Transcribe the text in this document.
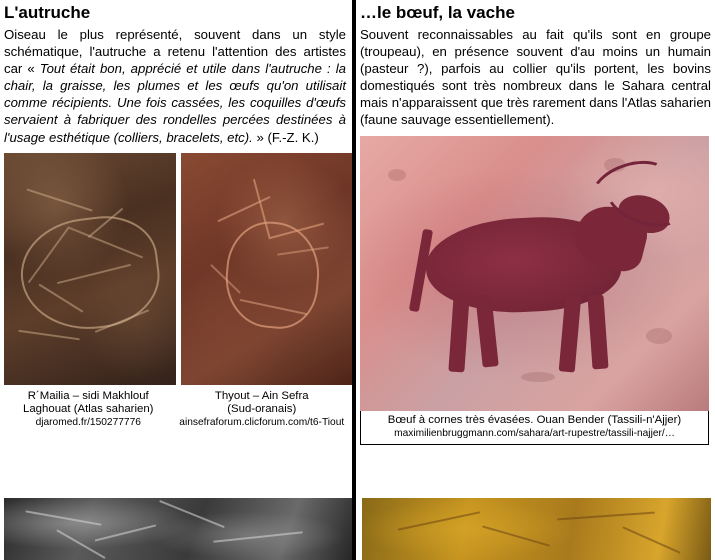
L'autruche

Oiseau le plus représenté, souvent dans un style schématique, l'autruche a retenu l'attention des artistes car « Tout était bon, apprécié et utile dans l'autruche : la chair, la graisse, les plumes et les œufs qu'on utilisait comme récipients. Une fois cassées, les coquilles d'œufs servaient à fabriquer des rondelles percées destinées à l'usage esthétique (colliers, bracelets, etc). » (F.-Z. K.)

R´Mailia – sidi Makhlouf
Laghouat (Atlas saharien)
djaromed.fr/150277776
Thyout – Ain Sefra
(Sud-oranais)
ainsefraforum.clicforum.com/t6-Tiout
…le bœuf, la vache

Souvent reconnaissables au fait qu'ils sont en groupe (troupeau), en présence souvent d'au moins un humain (pasteur ?), parfois au collier qu'ils portent, les bovins domestiqués sont très nombreux dans le Sahara central mais n'apparaissent que très rarement dans l'Atlas saharien (faune sauvage essentiellement).

Bœuf à cornes très évasées. Ouan Bender (Tassili-n'Ajjer)
maximilienbruggmann.com/sahara/art-rupestre/tassili-najjer/…
